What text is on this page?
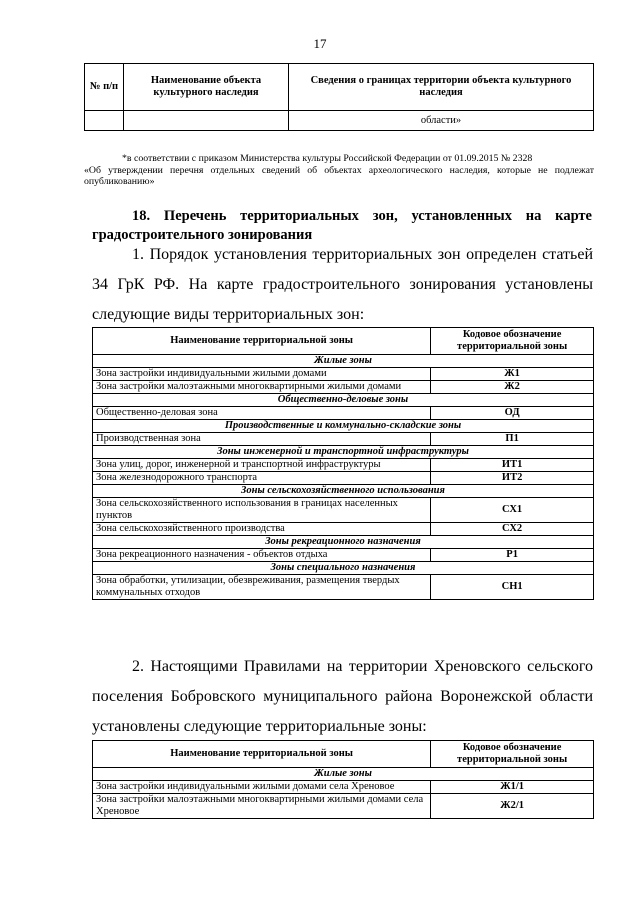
17
№ п/п	Наименование объекта культурного наследия	Сведения о границах территории объекта культурного наследия
		области»

*в соответствии с приказом Министерства культуры Российской Федерации от 01.09.2015 № 2328

«Об утверждении перечня отдельных сведений об объектах археологического наследия, которые не подлежат опубликованию»

18. Перечень территориальных зон, установленных на карте градостроительного зонирования
1. Порядок установления территориальных зон определен статьей 34 ГрК РФ. На карте градостроительного зонирования установлены следующие виды территориальных зон:
Наименование территориальной зоны	Кодовое обозначение территориальной зоны
Жилые зоны	
Зона застройки индивидуальными жилыми домами	Ж1
Зона застройки малоэтажными многоквартирными жилыми домами	Ж2
Общественно-деловые зоны	
Общественно-деловая зона	ОД
Производственные и коммунально-складские зоны	
Производственная зона	П1
Зоны инженерной и транспортной инфраструктуры	
Зона улиц, дорог, инженерной и транспортной инфраструктуры	ИТ1
Зона железнодорожного транспорта	ИТ2
Зоны сельскохозяйственного использования	
Зона сельскохозяйственного использования в границах населенных пунктов	СХ1
Зона сельскохозяйственного производства	СХ2
Зоны рекреационного назначения	
Зона рекреационного назначения - объектов отдыха	Р1
Зоны специального назначения	
Зона обработки, утилизации, обезвреживания, размещения твердых коммунальных отходов	СН1
2. Настоящими Правилами на территории Хреновского сельского поселения Бобровского муниципального района Воронежской области установлены следующие территориальные зоны:
Наименование территориальной зоны	Кодовое обозначение территориальной зоны
Жилые зоны	
Зона застройки индивидуальными жилыми домами села Хреновое	Ж1/1
Зона застройки малоэтажными многоквартирными жилыми домами села Хреновое	Ж2/1
